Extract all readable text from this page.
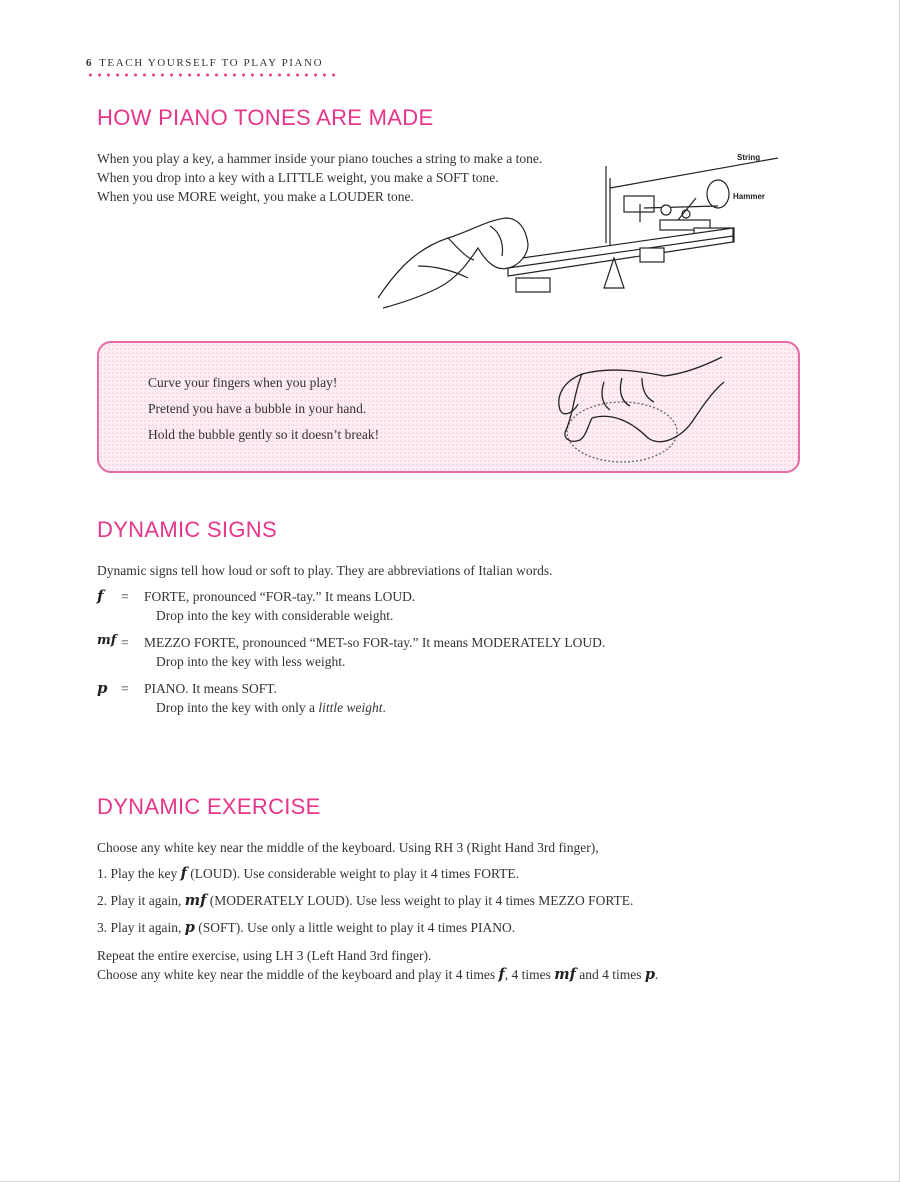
6 TEACH YOURSELF TO PLAY PIANO
HOW PIANO TONES ARE MADE
When you play a key, a hammer inside your piano touches a string to make a tone.
When you drop into a key with a LITTLE weight, you make a SOFT tone.
When you use MORE weight, you make a LOUDER tone.
String
Hammer
Curve your fingers when you play!
Pretend you have a bubble in your hand.
Hold the bubble gently so it doesn’t break!
DYNAMIC SIGNS
Dynamic signs tell how loud or soft to play. They are abbreviations of Italian words.
f	= FORTE, pronounced “FOR-tay.” It means LOUD.
Drop into the key with considerable weight.
mf = MEZZO FORTE, pronounced “MET-so FOR-tay.” It means MODERATELY LOUD.
Drop into the key with less weight.
p	= PIANO. It means SOFT.
Drop into the key with only a little weight.
DYNAMIC EXERCISE
Choose any white key near the middle of the keyboard. Using RH 3 (Right Hand 3rd finger),
1. Play the key f (LOUD). Use considerable weight to play it 4 times FORTE.
2. Play it again, mf (MODERATELY LOUD). Use less weight to play it 4 times MEZZO FORTE.
3. Play it again, p (SOFT). Use only a little weight to play it 4 times PIANO.
Repeat the entire exercise, using LH 3 (Left Hand 3rd finger).
Choose any white key near the middle of the keyboard and play it 4 times f, 4 times mf and 4 times p.
